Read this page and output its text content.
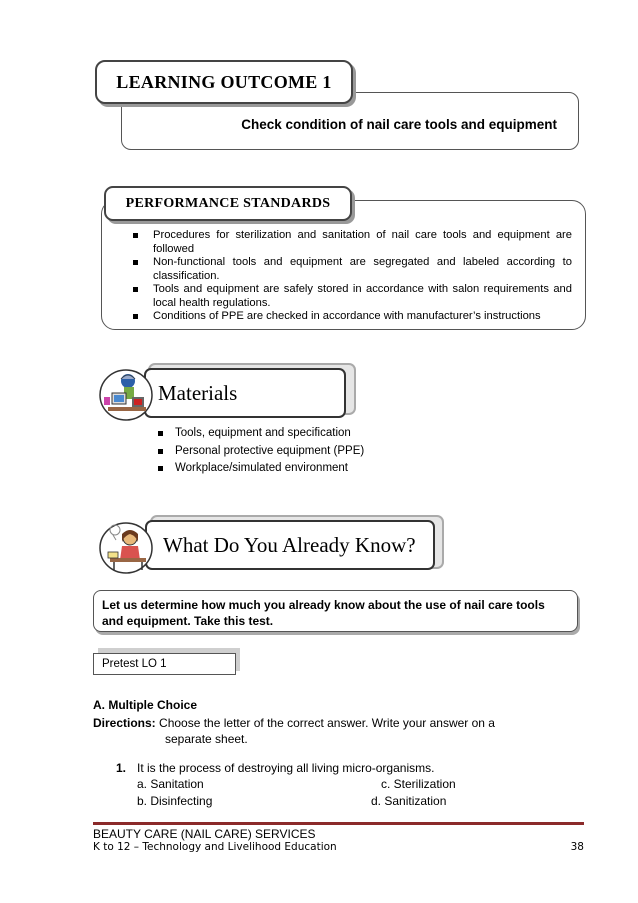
LEARNING OUTCOME 1
Check condition of nail care tools and equipment
PERFORMANCE STANDARDS
Procedures for sterilization and sanitation of nail care tools and equipment are followed
Non-functional tools and equipment are segregated and labeled according to classification.
Tools and equipment are safely stored in accordance with salon requirements and local health regulations.
Conditions of PPE are checked in accordance with manufacturer’s instructions
Materials
Tools, equipment and specification
Personal protective equipment (PPE)
Workplace/simulated environment
What Do You Already Know?
Let us determine how much you already know about the use of nail care tools and equipment. Take this test.
Pretest LO 1
A. Multiple Choice
Directions: Choose the letter of the correct answer. Write your answer on a
separate sheet.
1. It is the process of destroying all living micro-organisms.
a. Sanitation	c. Sterilization
b. Disinfecting	d. Sanitization
BEAUTY CARE (NAIL CARE) SERVICES
K to 12 – Technology and Livelihood Education	38
